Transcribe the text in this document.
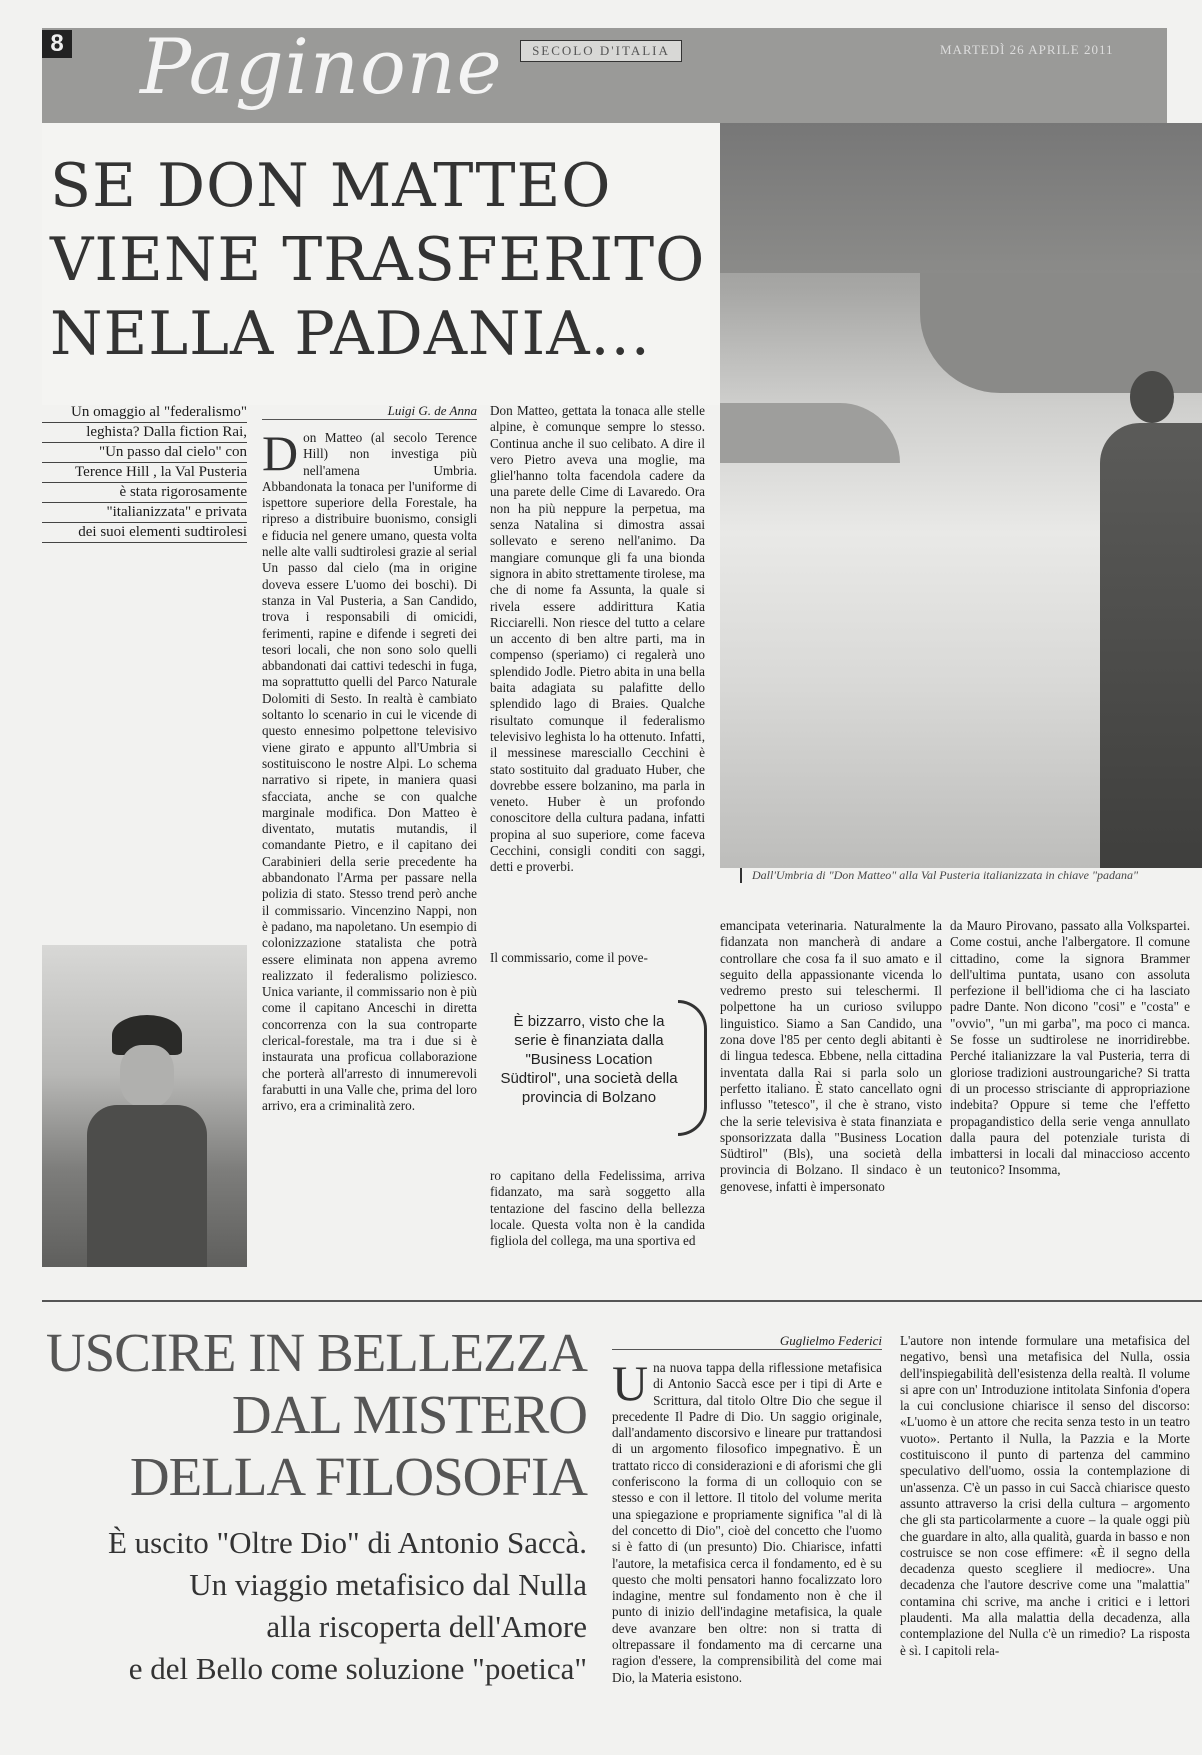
8 Paginone	SECOLO D'ITALIA	MARTEDÌ 26 APRILE 2011
SE DON MATTEO
VIENE TRASFERITO
NELLA PADANIA...
Dall'Umbria di "Don Matteo" alla Val Pusteria italianizzata in chiave "padana"
Un omaggio al "federalismo"
leghista? Dalla fiction Rai,
"Un passo dal cielo" con
Terence Hill , la Val Pusteria
è stata rigorosamente
"italianizzata" e privata
dei suoi elementi sudtirolesi
Luigi G. de Anna
D on Matteo (al secolo Terence Hill) non investiga più nell'amena Umbria. Abbandonata la tonaca per l'uniforme di ispettore superiore della Forestale, ha ripreso a distribuire buonismo, consigli e fiducia nel genere umano, questa volta nelle alte valli sudtirolesi grazie al serial Un passo dal cielo (ma in origine doveva essere L'uomo dei boschi). Di stanza in Val Pusteria, a San Candido, trova i responsabili di omicidi, ferimenti, rapine e difende i segreti dei tesori locali, che non sono solo quelli abbandonati dai cattivi tedeschi in fuga, ma soprattutto quelli del Parco Naturale Dolomiti di Sesto. In realtà è cambiato soltanto lo scenario in cui le vicende di questo ennesimo polpettone televisivo viene girato e appunto all'Umbria si sostituiscono le nostre Alpi. Lo schema narrativo si ripete, in maniera quasi sfacciata, anche se con qualche marginale modifica. Don Matteo è diventato, mutatis mutandis, il comandante Pietro, e il capitano dei Carabinieri della serie precedente ha abbandonato l'Arma per passare nella polizia di stato. Stesso trend però anche il commissario. Vincenzino Nappi, non è padano, ma napoletano. Un esempio di colonizzazione statalista che potrà essere eliminata non appena avremo realizzato il federalismo poliziesco. Unica variante, il commissario non è più come il capitano Anceschi in diretta concorrenza con la sua controparte clerical-forestale, ma tra i due si è instaurata una proficua collaborazione che porterà all'arresto di innumerevoli farabutti in una Valle che, prima del loro arrivo, era a criminalità zero.
Don Matteo, gettata la tonaca alle stelle alpine, è comunque sempre lo stesso. Continua anche il suo celibato. A dire il vero Pietro aveva una moglie, ma gliel'hanno tolta facendola cadere da una parete delle Cime di Lavaredo. Ora non ha più neppure la perpetua, ma senza Natalina si dimostra assai sollevato e sereno nell'animo. Da mangiare comunque gli fa una biondа signora in abito strettamente tirolese, ma che di nome fa Assunta, la quale si rivela essere addirittura Katia Ricciarelli. Non riesce del tutto a celare un accento di ben altre parti, ma in compenso (speriamo) ci regalerà uno splendido Jodle. Pietro abita in una bella baita adagiata su palafitte dello splendido lago di Braies. Qualche risultato comunque il federalismo televisivo leghista lo ha ottenuto. Infatti, il messinese maresciallo Cecchini è stato sostituito dal graduato Huber, che dovrebbe essere bolzanino, ma parla in veneto. Huber è un profondo conoscitore della cultura padana, infatti propina al suo superiore, come faceva Cecchini, consigli conditi con saggi, detti e proverbi.
Il commissario, come il pove-
È bizzarro, visto che la serie è finanziata dalla "Business Location Südtirol", una società della provincia di Bolzano
ro capitano della Fedelissima, arriva fidanzato, ma sarà soggetto alla tentazione del fascino della bellezza locale. Questa volta non è la candida figliola del collega, ma una sportiva ed
emancipata veterinaria. Naturalmente la fidanzata non mancherà di andare a controllare che cosa fa il suo amato e il seguito della appassionante vicenda lo vedremo presto sui teleschermi. Il polpettone ha un curioso sviluppo linguistico. Siamo a San Candido, una zona dove l'85 per cento degli abitanti è di lingua tedesca. Ebbene, nella cittadina inventata dalla Rai si parla solo un perfetto italiano. È stato cancellato ogni influsso "tetesco", il che è strano, visto che la serie televisiva è stata finanziata e sponsorizzata dalla "Business Location Südtirol" (Bls), una società della provincia di Bolzano. Il sindaco è un genovese, infatti è impersonato
da Mauro Pirovano, passato alla Volkspartei. Come costui, anche l'albergatore. Il comune cittadino, come la signora Brammer dell'ultima puntata, usano con assoluta perfezione il bell'idioma che ci ha lasciato padre Dante. Non dicono "cosi" e "costa" e "ovvio", "un mi garba", ma poco ci manca. Se fosse un sudtirolese ne inorridirebbe. Perché italianizzare la val Pusteria, terra di gloriose tradizioni austroungariche? Si tratta di un processo strisciante di appropriazione indebita? Oppure si teme che l'effetto propagandistico della serie venga annullato dalla paura del potenziale turista di imbattersi in locali dal minaccioso accento teutonico? Insomma,
USCIRE IN BELLEZZA
DAL MISTERO
DELLA FILOSOFIA
È uscito "Oltre Dio" di Antonio Saccà.
Un viaggio metafisico dal Nulla
alla riscoperta dell'Amore
e del Bello come soluzione "poetica"
Guglielmo Federici
U na nuova tappa della riflessione metafisica di Antonio Saccà esce per i tipi di Arte e Scrittura, dal titolo Oltre Dio che segue il precedente Il Padre di Dio. Un saggio originale, dall'andamento discorsivo e lineare pur trattandosi di un argomento filosofico impegnativo. È un trattato ricco di considerazioni e di aforismi che gli conferiscono la forma di un colloquio con se stesso e con il lettore. Il titolo del volume merita una spiegazione e propriamente significa "al di là del concetto di Dio", cioè del concetto che l'uomo si è fatto di (un presunto) Dio. Chiarisce, infatti l'autore, la metafisica cerca il fondamento, ed è su questo che molti pensatori hanno focalizzato loro indagine, mentre sul fondamento non è che il punto di inizio dell'indagine metafisica, la quale deve avanzare ben oltre: non si tratta di oltrepassare il fondamento ma di cercarne una ragion d'essere, la comprensibilità del come mai Dio, la Materia esistono.
L'autore non intende formulare una metafisica del negativo, bensì una metafisica del Nulla, ossia dell'inspiegabilità dell'esistenza della realtà. Il volume si apre con un' Introduzione intitolata Sinfonia d'opera la cui conclusione chiarisce il senso del discorso: «L'uomo è un attore che recita senza testo in un teatro vuoto». Pertanto il Nulla, la Pazzia e la Morte costituiscono il punto di partenza del cammino speculativo dell'uomo, ossia la contemplazione di un'assenza. C'è un passo in cui Saccà chiarisce questo assunto attraverso la crisi della cultura – argomento che gli sta particolarmente a cuore – la quale oggi più che guardare in alto, alla qualità, guarda in basso e non costruisce se non cose effimere: «È il segno della decadenza questo scegliere il mediocre». Una decadenza che l'autore descrive come una "malattia" contamina chi scrive, ma anche i critici e i lettori plaudenti. Ma alla malattia della decadenza, alla contemplazione del Nulla c'è un rimedio? La risposta è sì. I capitoli rela-
